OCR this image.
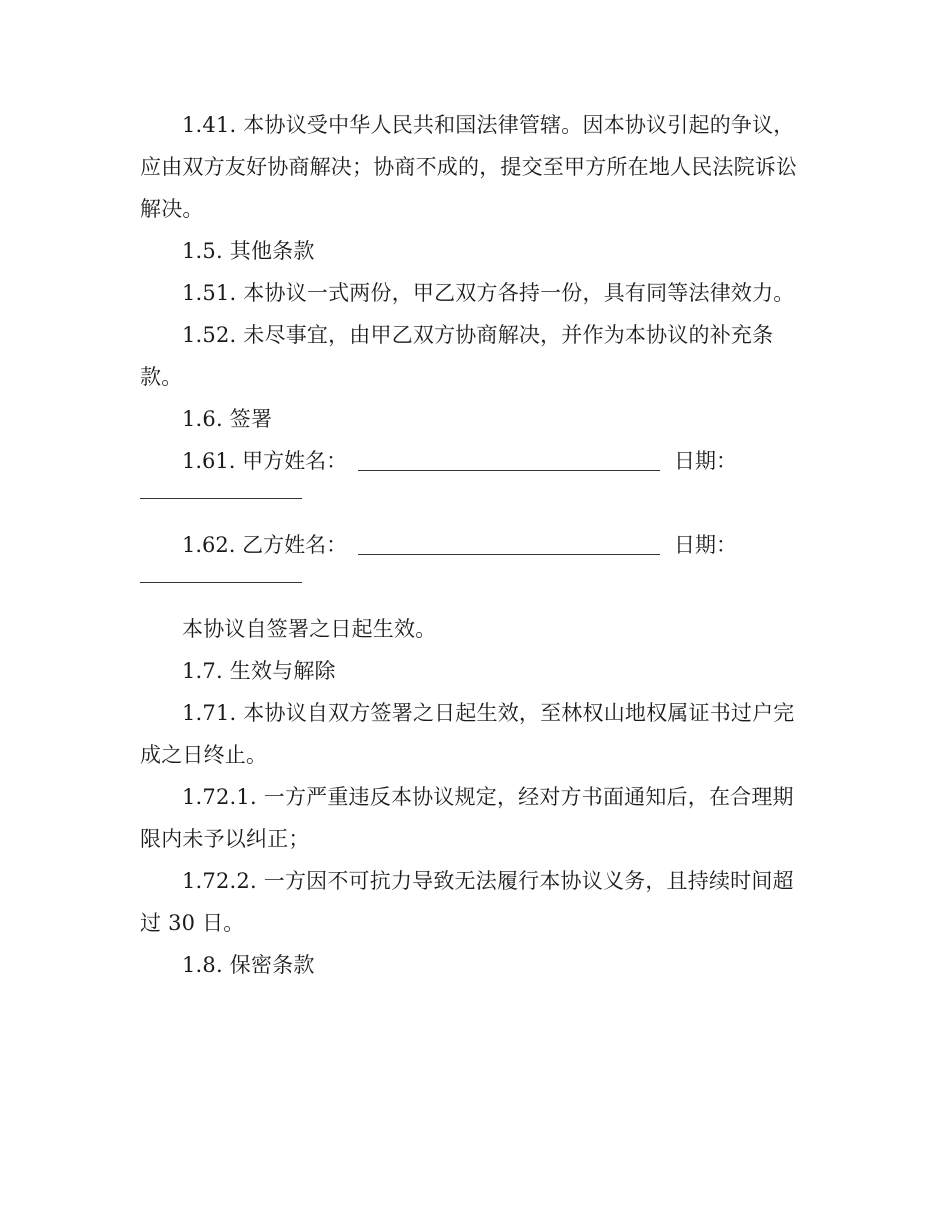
1.41. 本协议受中华人民共和国法律管辖。因本协议引起的争议，应由双方友好协商解决；协商不成的，提交至甲方所在地人民法院诉讼解决。

1.5. 其他条款

1.51. 本协议一式两份，甲乙双方各持一份，具有同等法律效力。

1.52. 未尽事宜，由甲乙双方协商解决，并作为本协议的补充条款。

1.6. 签署

1.61. 甲方姓名：	日期：
1.62. 乙方姓名：	日期：

本协议自签署之日起生效。

1.7. 生效与解除

1.71. 本协议自双方签署之日起生效，至林权山地权属证书过户完成之日终止。

1.72.1. 一方严重违反本协议规定，经对方书面通知后，在合理期限内未予以纠正；

1.72.2. 一方因不可抗力导致无法履行本协议义务，且持续时间超过 30 日。

1.8. 保密条款
